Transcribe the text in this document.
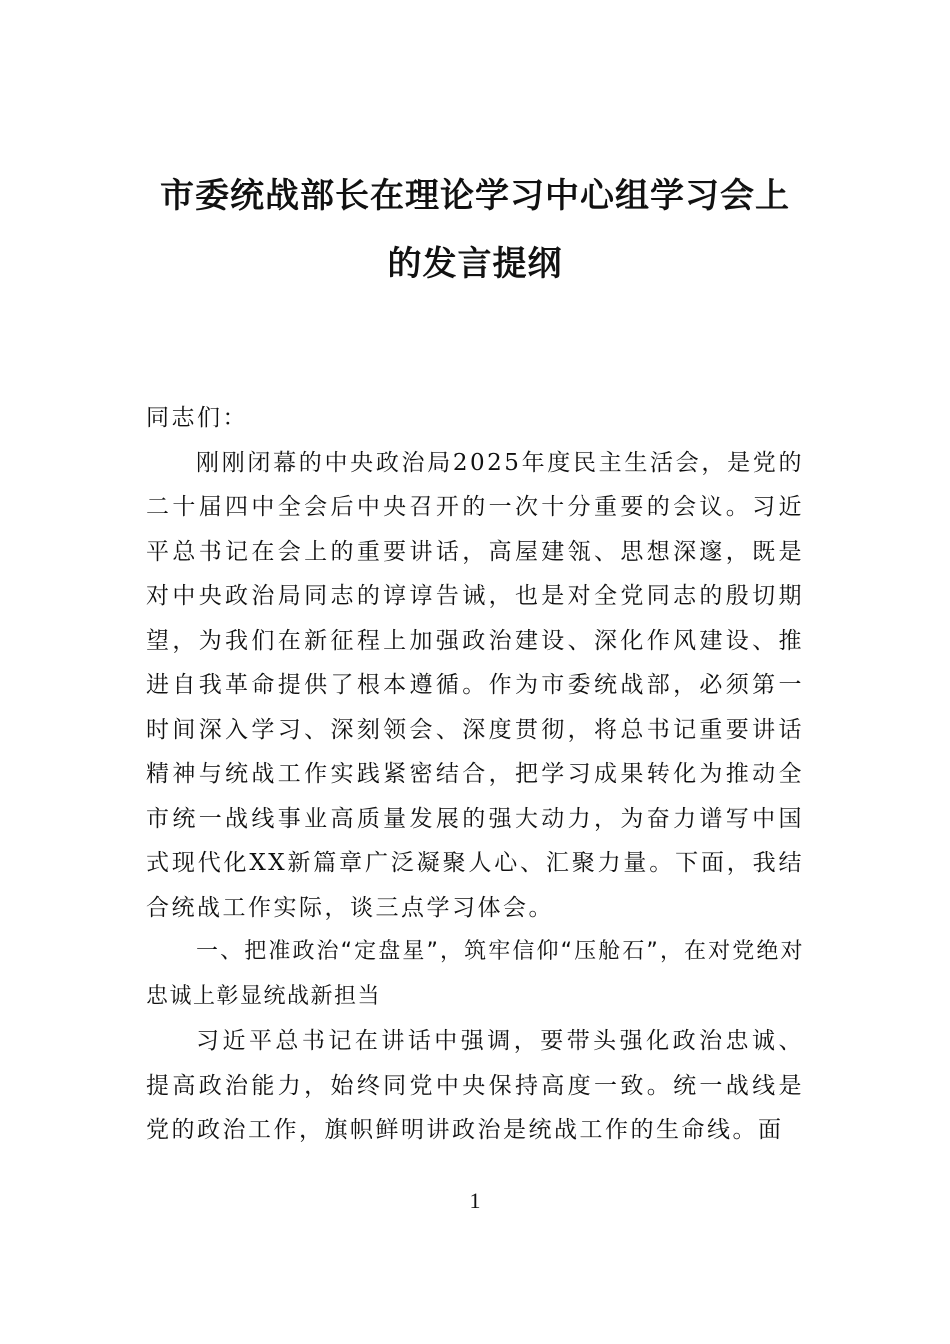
市委统战部长在理论学习中心组学习会上
的发言提纲

同志们：

刚刚闭幕的中央政治局2025年度民主生活会，是党的二十届四中全会后中央召开的一次十分重要的会议。习近平总书记在会上的重要讲话，高屋建瓴、思想深邃，既是对中央政治局同志的谆谆告诫，也是对全党同志的殷切期望，为我们在新征程上加强政治建设、深化作风建设、推进自我革命提供了根本遵循。作为市委统战部，必须第一时间深入学习、深刻领会、深度贯彻，将总书记重要讲话精神与统战工作实践紧密结合，把学习成果转化为推动全市统一战线事业高质量发展的强大动力，为奋力谱写中国式现代化XX新篇章广泛凝聚人心、汇聚力量。下面，我结合统战工作实际，谈三点学习体会。

一、把准政治“定盘星”，筑牢信仰“压舱石”，在对党绝对忠诚上彰显统战新担当

习近平总书记在讲话中强调，要带头强化政治忠诚、提高政治能力，始终同党中央保持高度一致。统一战线是党的政治工作，旗帜鲜明讲政治是统战工作的生命线。面

1
